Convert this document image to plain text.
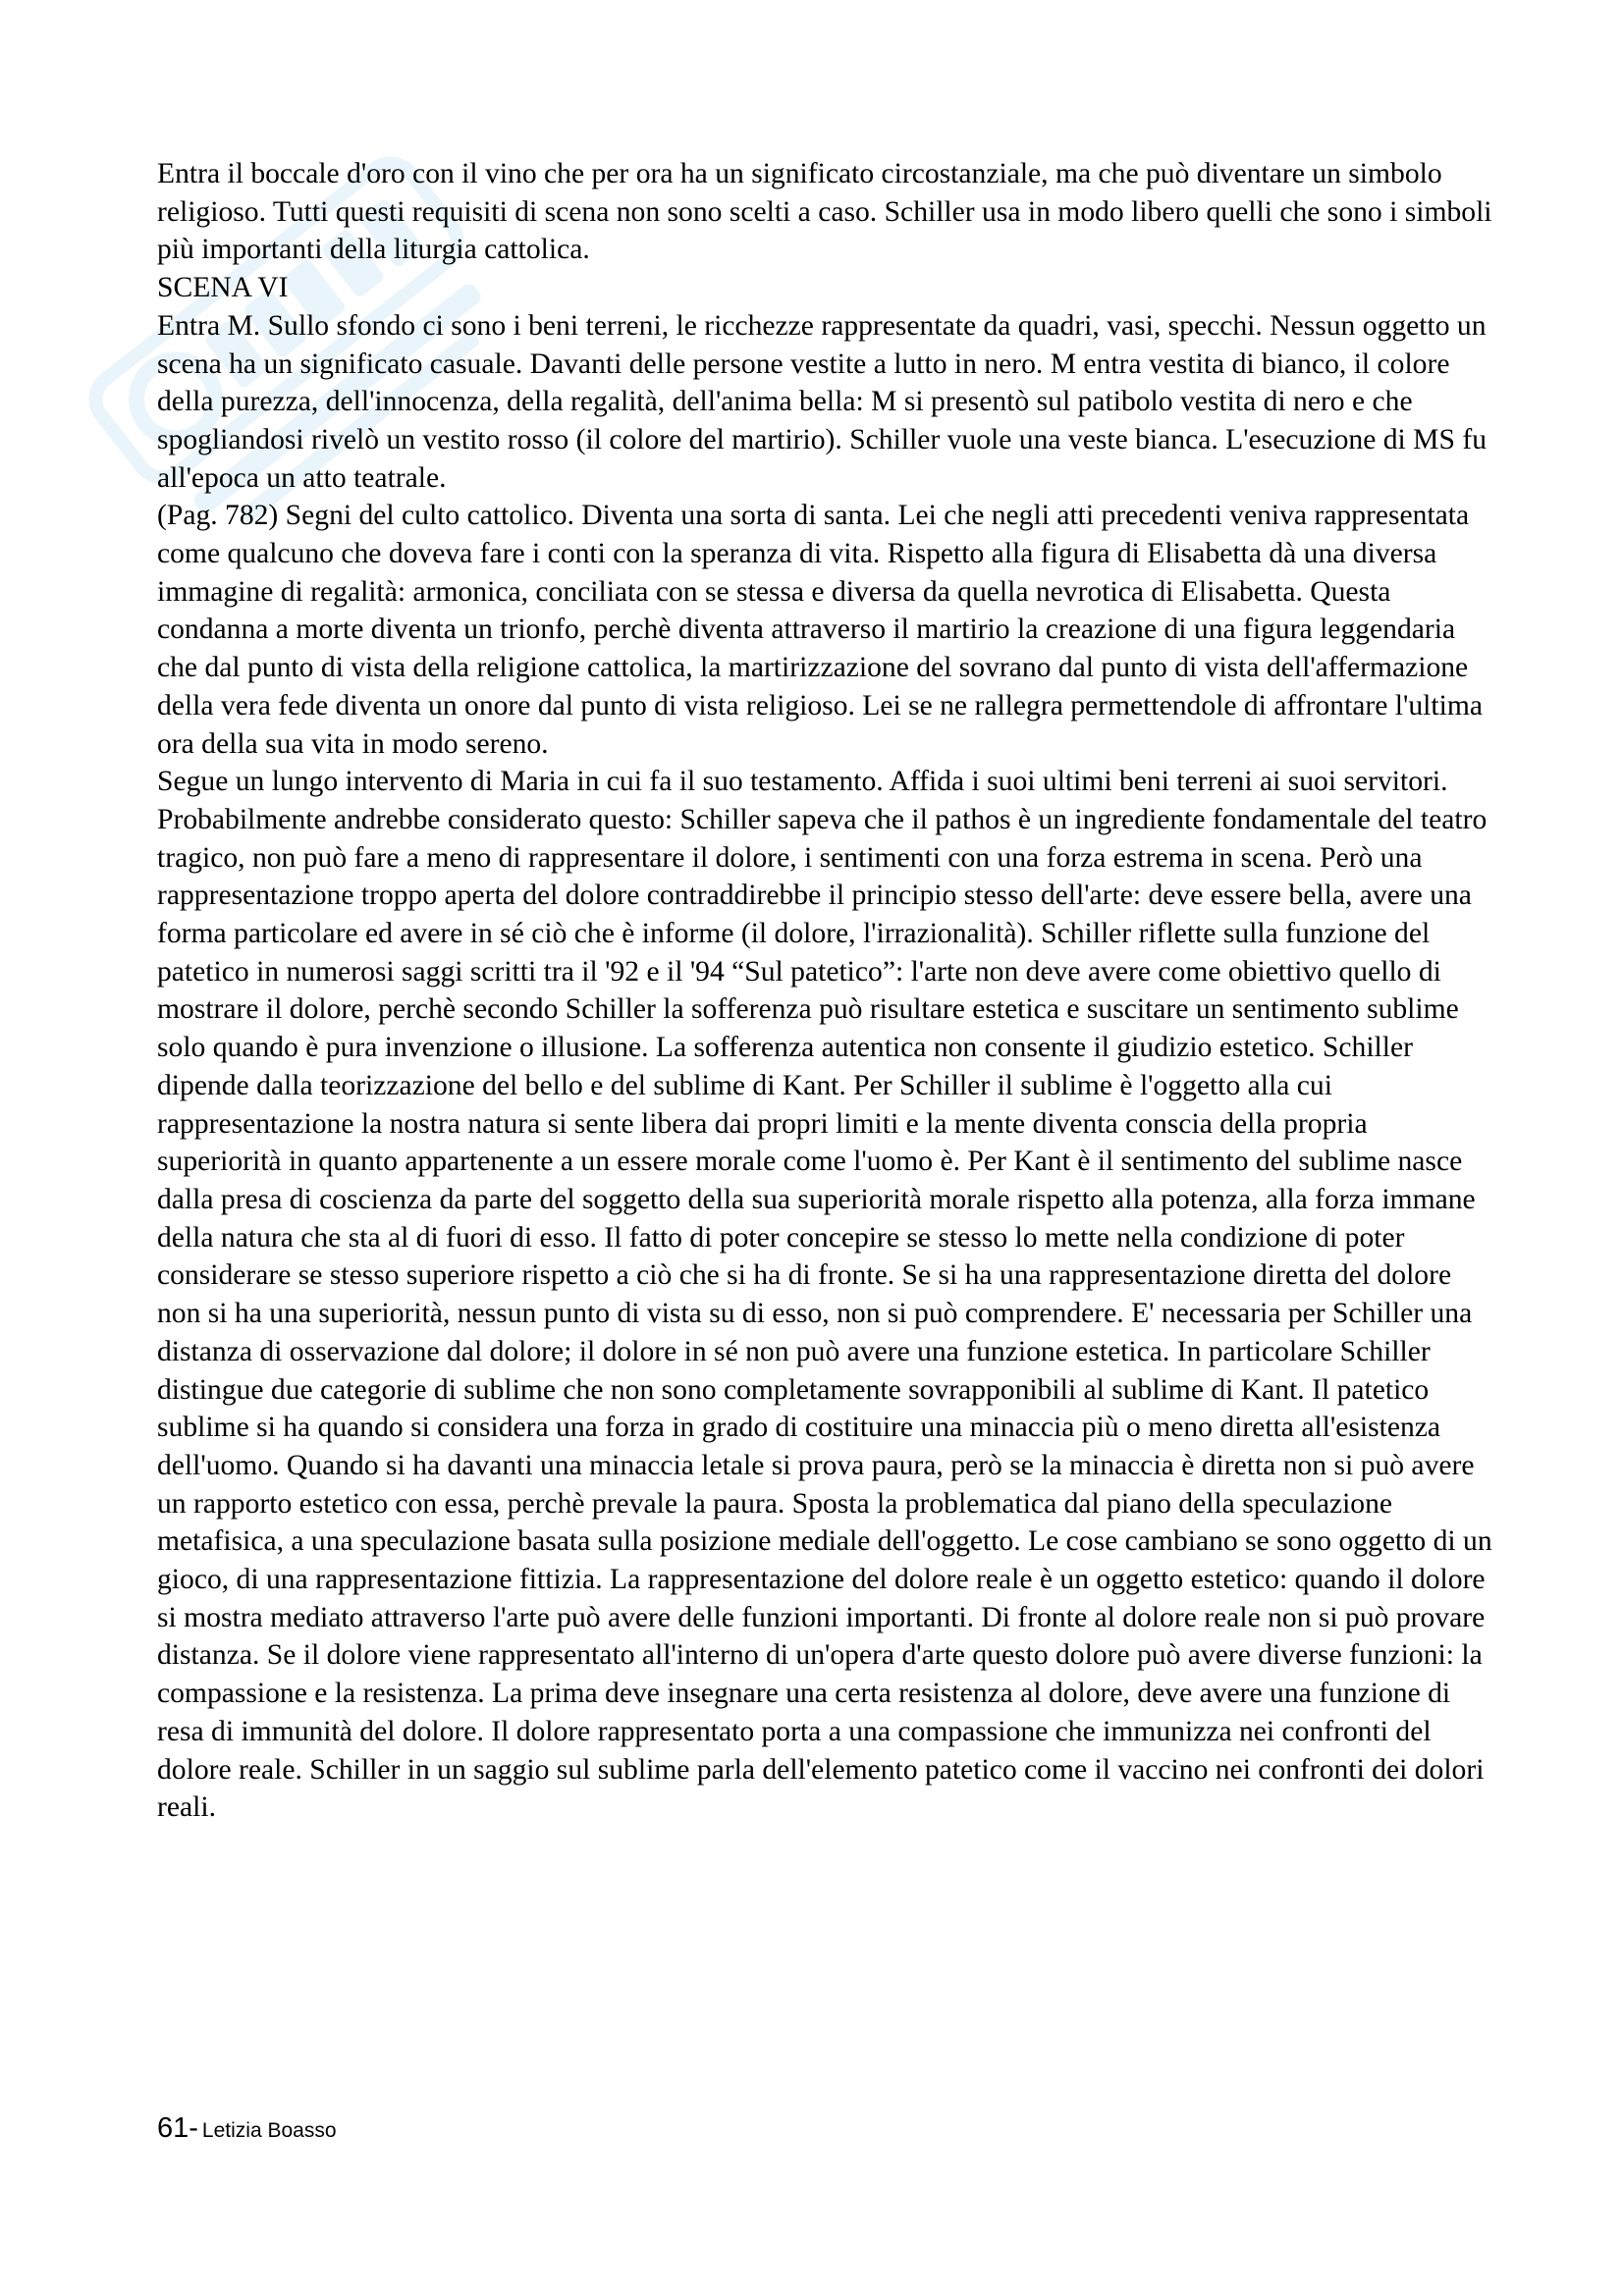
Entra il boccale d'oro con il vino che per ora ha un significato circostanziale, ma che può diventare un simbolo religioso. Tutti questi requisiti di scena non sono scelti a caso. Schiller usa in modo libero quelli che sono i simboli più importanti della liturgia cattolica.

SCENA VI

Entra M. Sullo sfondo ci sono i beni terreni, le ricchezze rappresentate da quadri, vasi, specchi. Nessun oggetto un scena ha un significato casuale. Davanti delle persone vestite a lutto in nero. M entra vestita di bianco, il colore della purezza, dell'innocenza, della regalità, dell'anima bella: M si presentò sul patibolo vestita di nero e che spogliandosi rivelò un vestito rosso (il colore del martirio). Schiller vuole una veste bianca. L'esecuzione di MS fu all'epoca un atto teatrale.

(Pag. 782) Segni del culto cattolico. Diventa una sorta di santa. Lei che negli atti precedenti veniva rappresentata come qualcuno che doveva fare i conti con la speranza di vita. Rispetto alla figura di Elisabetta dà una diversa immagine di regalità: armonica, conciliata con se stessa e diversa da quella nevrotica di Elisabetta. Questa condanna a morte diventa un trionfo, perchè diventa attraverso il martirio la creazione di una figura leggendaria che dal punto di vista della religione cattolica, la martirizzazione del sovrano dal punto di vista dell'affermazione della vera fede diventa un onore dal punto di vista religioso. Lei se ne rallegra permettendole di affrontare l'ultima ora della sua vita in modo sereno.

Segue un lungo intervento di Maria in cui fa il suo testamento. Affida i suoi ultimi beni terreni ai suoi servitori. Probabilmente andrebbe considerato questo: Schiller sapeva che il pathos è un ingrediente fondamentale del teatro tragico, non può fare a meno di rappresentare il dolore, i sentimenti con una forza estrema in scena. Però una rappresentazione troppo aperta del dolore contraddirebbe il principio stesso dell'arte: deve essere bella, avere una forma particolare ed avere in sé ciò che è informe (il dolore, l'irrazionalità). Schiller riflette sulla funzione del patetico in numerosi saggi scritti tra il '92 e il '94 “Sul patetico”: l'arte non deve avere come obiettivo quello di mostrare il dolore, perchè secondo Schiller la sofferenza può risultare estetica e suscitare un sentimento sublime solo quando è pura invenzione o illusione. La sofferenza autentica non consente il giudizio estetico. Schiller dipende dalla teorizzazione del bello e del sublime di Kant. Per Schiller il sublime è l'oggetto alla cui rappresentazione la nostra natura si sente libera dai propri limiti e la mente diventa conscia della propria superiorità in quanto appartenente a un essere morale come l'uomo è. Per Kant è il sentimento del sublime nasce dalla presa di coscienza da parte del soggetto della sua superiorità morale rispetto alla potenza, alla forza immane della natura che sta al di fuori di esso. Il fatto di poter concepire se stesso lo mette nella condizione di poter considerare se stesso superiore rispetto a ciò che si ha di fronte. Se si ha una rappresentazione diretta del dolore non si ha una superiorità, nessun punto di vista su di esso, non si può comprendere. E' necessaria per Schiller una distanza di osservazione dal dolore; il dolore in sé non può avere una funzione estetica. In particolare Schiller distingue due categorie di sublime che non sono completamente sovrapponibili al sublime di Kant. Il patetico sublime si ha quando si considera una forza in grado di costituire una minaccia più o meno diretta all'esistenza dell'uomo. Quando si ha davanti una minaccia letale si prova paura, però se la minaccia è diretta non si può avere un rapporto estetico con essa, perchè prevale la paura. Sposta la problematica dal piano della speculazione metafisica, a una speculazione basata sulla posizione mediale dell'oggetto. Le cose cambiano se sono oggetto di un gioco, di una rappresentazione fittizia. La rappresentazione del dolore reale è un oggetto estetico: quando il dolore si mostra mediato attraverso l'arte può avere delle funzioni importanti. Di fronte al dolore reale non si può provare distanza. Se il dolore viene rappresentato all'interno di un'opera d'arte questo dolore può avere diverse funzioni: la compassione e la resistenza. La prima deve insegnare una certa resistenza al dolore, deve avere una funzione di resa di immunità del dolore. Il dolore rappresentato porta a una compassione che immunizza nei confronti del dolore reale. Schiller in un saggio sul sublime parla dell'elemento patetico come il vaccino nei confronti dei dolori reali.

61- Letizia Boasso
